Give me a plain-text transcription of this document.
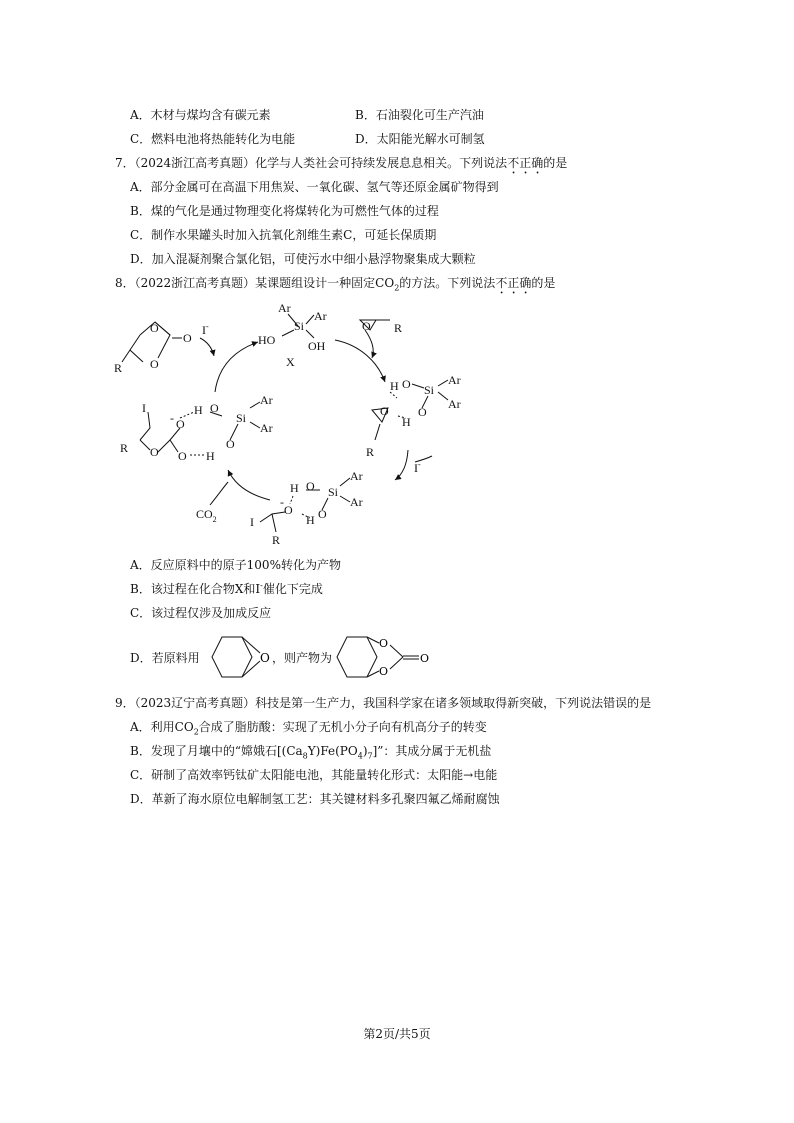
A．木材与煤均含有碳元素	B．石油裂化可生产汽油
C．燃料电池将热能转化为电能	D．太阳能光解水可制氢
7．（2024浙江高考真题）化学与人类社会可持续发展息息相关。下列说法不正确的是
A．部分金属可在高温下用焦炭、一氧化碳、氢气等还原金属矿物得到
B．煤的气化是通过物理变化将煤转化为可燃性气体的过程
C．制作水果罐头时加入抗氧化剂维生素C，可延长保质期
D．加入混凝剂聚合氯化铝，可使污水中细小悬浮物聚集成大颗粒
8．（2022浙江高考真题）某课题组设计一种固定$CO_2$的方法。下列说法不正确的是
O
O
O
R
I-
Ar
Ar
Si
HO	OH
X
O R
H O Si
Ar
Ar
O
H
O
R
I-
I
R O
O
-
H O
Si
Ar
Ar
O H
O
H O Si
Ar
Ar
O
-
H O
I
R
$CO_2$
A．反应原料中的原子100%转化为产物
B．该过程在化合物X和I-催化下完成
C．该过程仅涉及加成反应
D．若原料用	O ，则产物为
O
O
O
9．（2023辽宁高考真题）科技是第一生产力，我国科学家在诸多领域取得新突破，下列说法错误的是
A．利用$CO_2$合成了脂肪酸：实现了无机小分子向有机高分子的转变
B．发现了月壤中的“嫦娥石$[(Ca_8Y)Fe(PO_4)_7]$”：其成分属于无机盐
C．研制了高效率钙钛矿太阳能电池，其能量转化形式：太阳能→电能
D．革新了海水原位电解制氢工艺：其关键材料多孔聚四氟乙烯耐腐蚀
第2页/共5页
